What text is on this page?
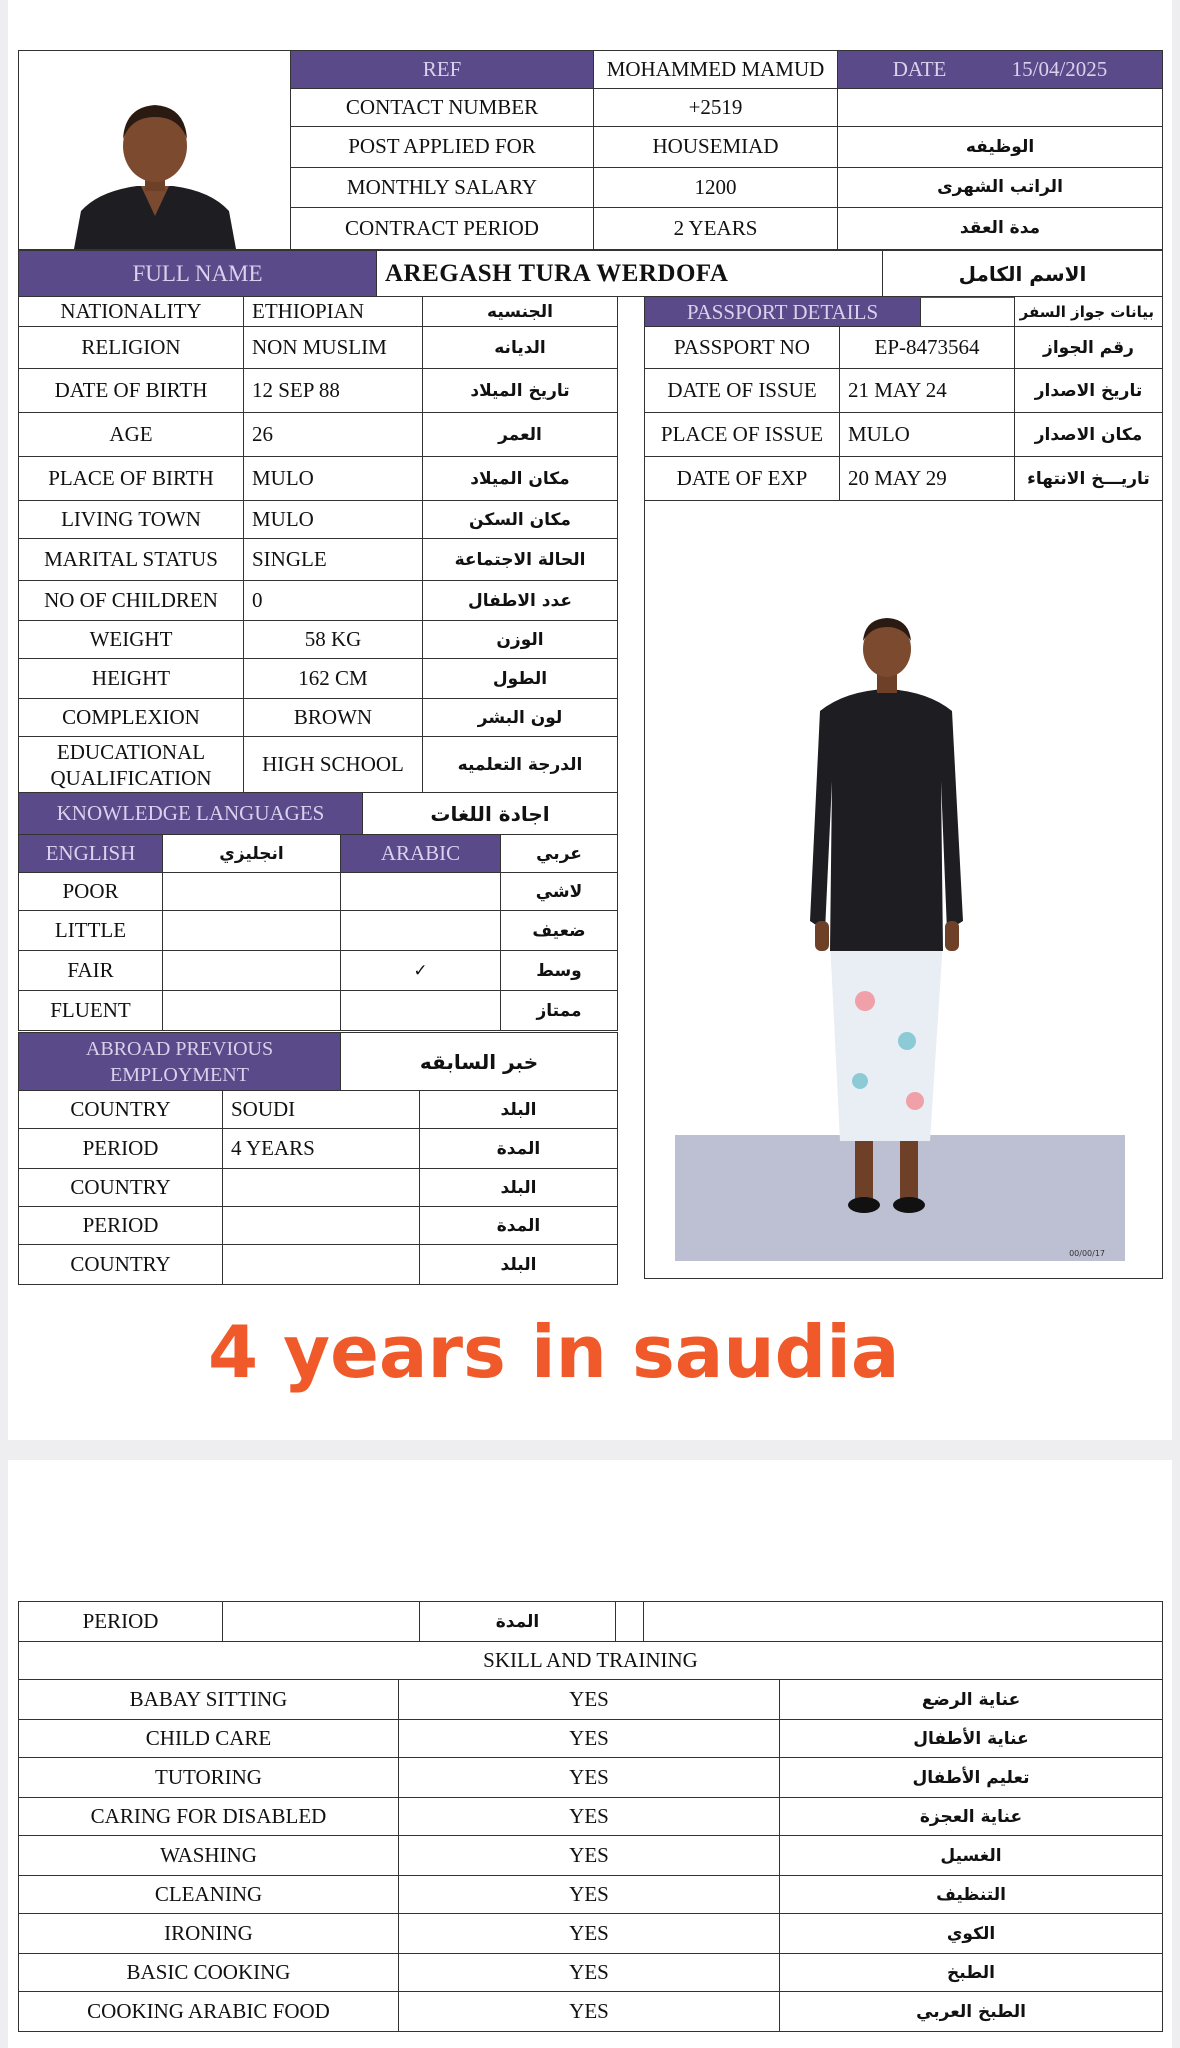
	REF	MOHAMMED MAMUD	DATE 15/04/2025
	CONTACT NUMBER	+2519	
	POST APPLIED FOR	HOUSEMIAD	الوظيفه
	MONTHLY SALARY	1200	الراتب الشهرى
	CONTRACT PERIOD	2 YEARS	مدة العقد
FULL NAME	AREGASH TURA WERDOFA	الاسم الكامل
NATIONALITY	ETHIOPIAN	الجنسيه
RELIGION	NON MUSLIM	الديانه
DATE OF BIRTH	12 SEP 88	تاريخ الميلاد
AGE	26	العمر
PLACE OF BIRTH	MULO	مكان الميلاد
LIVING TOWN	MULO	مكان السكن
MARITAL STATUS	SINGLE	الحالة الاجتماعة
NO OF CHILDREN	0	عدد الاطفال
WEIGHT	58 KG	الوزن
HEIGHT	162 CM	الطول
COMPLEXION	BROWN	لون البشر
EDUCATIONAL QUALIFICATION	HIGH SCHOOL	الدرجة التعلميه
KNOWLEDGE LANGUAGES	اجادة اللغات
ENGLISH	انجليزي	ARABIC	عربي
POOR			لاشي
LITTLE			ضعيف
FAIR		✓	وسط
FLUENT			ممتاز
ABROAD PREVIOUS EMPLOYMENT	خبر السابقه
COUNTRY	SOUDI	البلد
PERIOD	4 YEARS	المدة
COUNTRY		البلد
PERIOD		المدة
COUNTRY		البلد
PASSPORT DETAILS		بيانات جواز السفر
PASSPORT NO	EP-8473564	رقم الجواز
DATE OF ISSUE	21 MAY 24	تاريخ الاصدار
PLACE OF ISSUE	MULO	مكان الاصدار
DATE OF EXP	20 MAY 29	تاريـــخ الانتهاء

00/00/17		
4 years in saudia
PERIOD		المدة		
SKILL AND TRAINING		
BABAY SITTING	YES	عناية الرضع
CHILD CARE	YES	عناية الأطفال
TUTORING	YES	تعليم الأطفال
CARING FOR DISABLED	YES	عناية العجزة
WASHING	YES	الغسيل
CLEANING	YES	التنظيف
IRONING	YES	الكوي
BASIC COOKING	YES	الطبخ
COOKING ARABIC FOOD	YES	الطبخ العربي
